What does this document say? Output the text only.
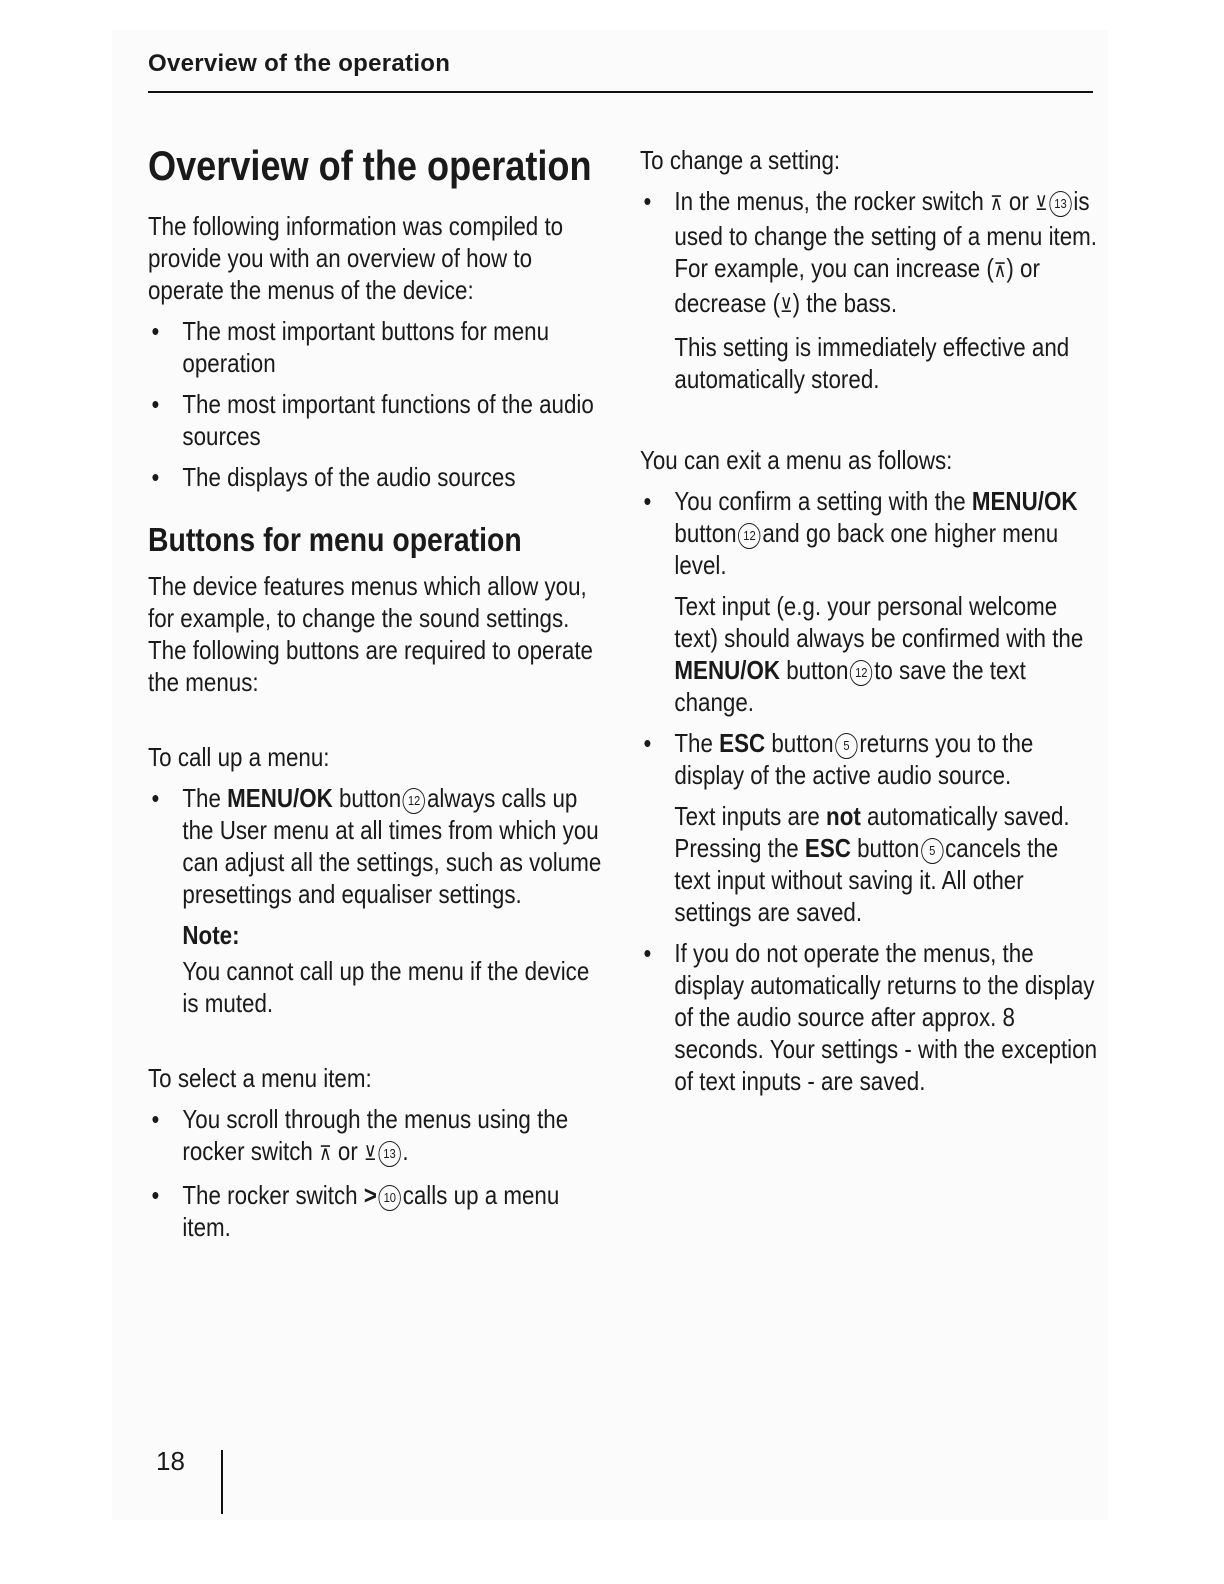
Overview of the operation
Overview of the operation

The following information was compiled to provide you with an overview of how to operate the menus of the device:

• The most important buttons for menu operation
• The most important functions of the audio sources
• The displays of the audio sources
Buttons for menu operation

The device features menus which allow you, for example, to change the sound settings. The following buttons are required to operate the menus:

To call up a menu:

• The MENU/OK button 12 always calls up the User menu at all times from which you can adjust all the settings, such as volume presettings and equaliser settings.

Note:

You cannot call up the menu if the device is muted.

To select a menu item:

• You scroll through the menus using the rocker switch ⊼ or ⊻ 13 .
• The rocker switch > 10 calls up a menu item.

To change a setting:

• In the menus, the rocker switch ⊼ or ⊻ 13 is used to change the setting of a menu item. For example, you can increase (⊼) or decrease (⊻) the bass.

This setting is immediately effective and automatically stored.

You can exit a menu as follows:

• You confirm a setting with the MENU/OK button 12 and go back one higher menu level.

Text input (e.g. your personal welcome text) should always be confirmed with the MENU/OK button 12 to save the text change.

• The ESC button 5 returns you to the display of the active audio source.

Text inputs are not automatically saved. Pressing the ESC button 5 cancels the text input without saving it. All other settings are saved.

• If you do not operate the menus, the display automatically returns to the display of the audio source after approx. 8 seconds. Your settings - with the exception of text inputs - are saved.
18
